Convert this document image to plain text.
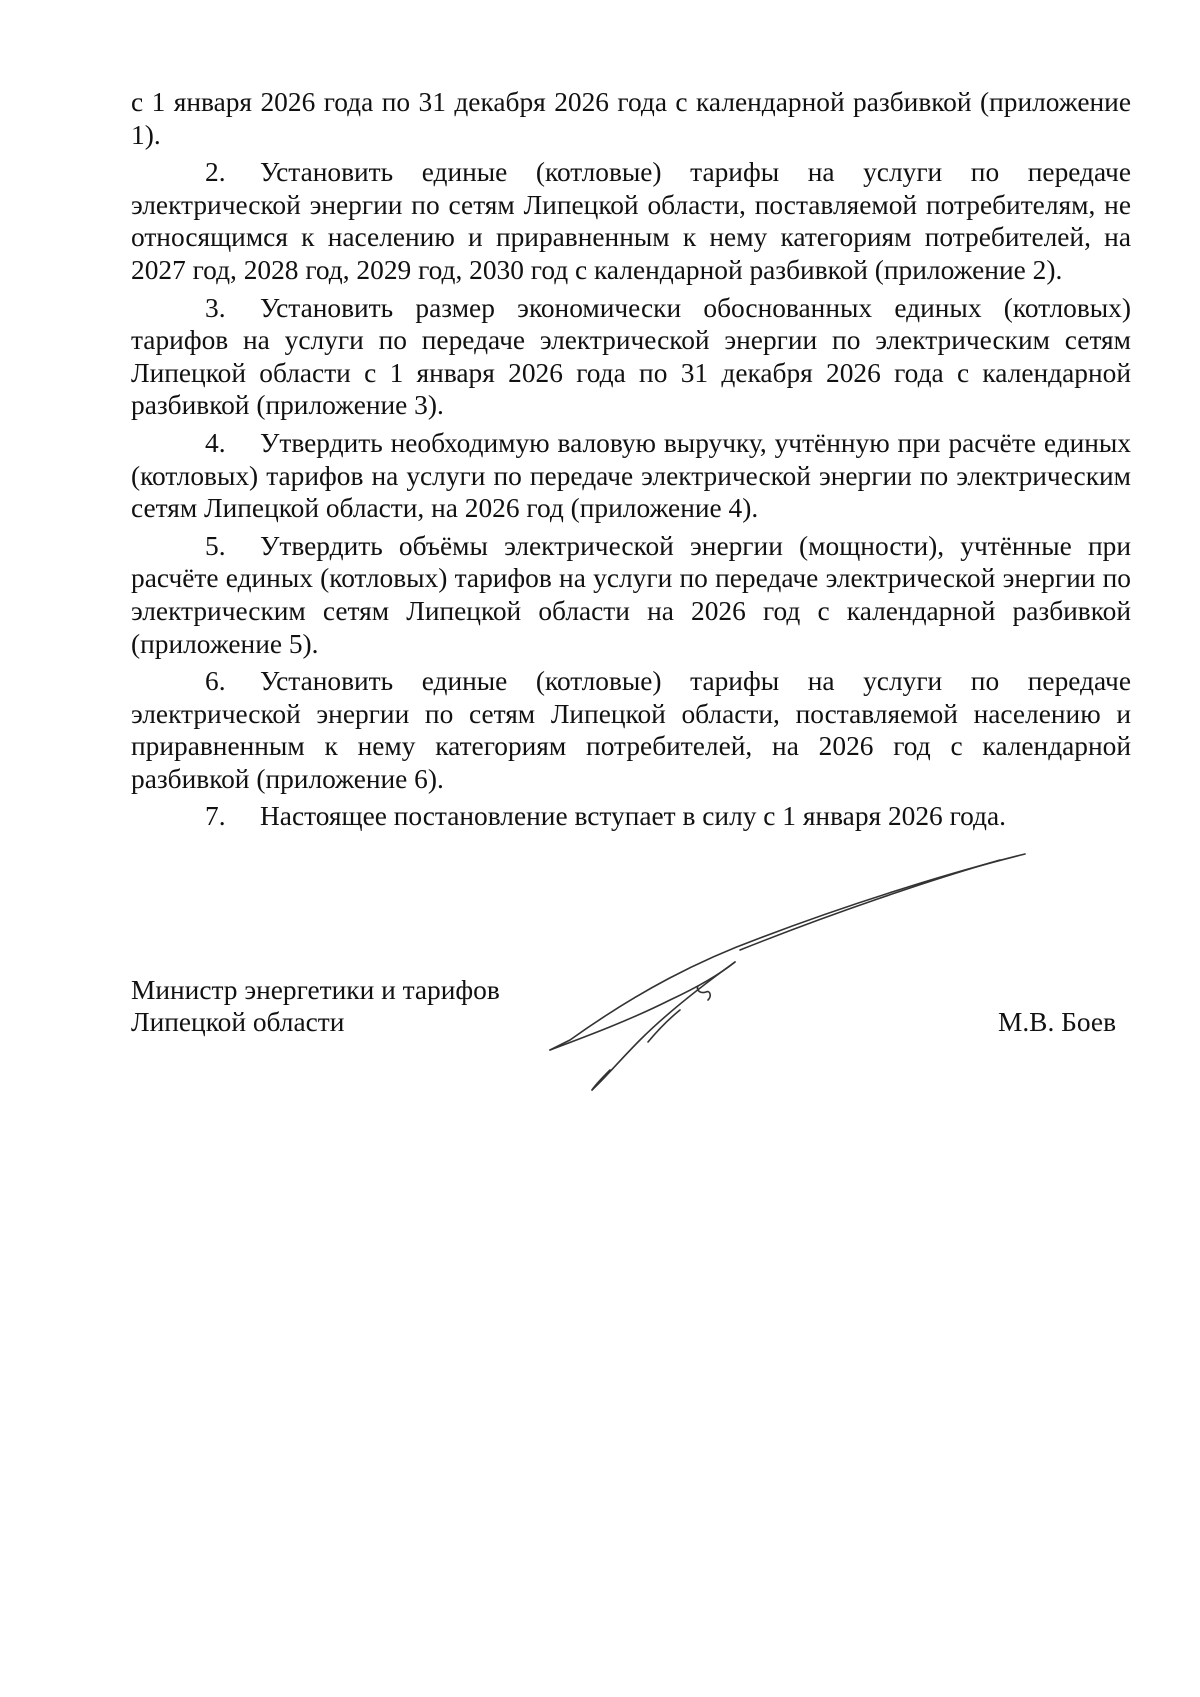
с 1 января 2026 года по 31 декабря 2026 года с календарной разбивкой (приложение 1).

2. Установить единые (котловые) тарифы на услуги по передаче электрической энергии по сетям Липецкой области, поставляемой потребителям, не относящимся к населению и приравненным к нему категориям потребителей, на 2027 год, 2028 год, 2029 год, 2030 год с календарной разбивкой (приложение 2).

3. Установить размер экономически обоснованных единых (котловых) тарифов на услуги по передаче электрической энергии по электрическим сетям Липецкой области с 1 января 2026 года по 31 декабря 2026 года с календарной разбивкой (приложение 3).

4. Утвердить необходимую валовую выручку, учтённую при расчёте единых (котловых) тарифов на услуги по передаче электрической энергии по электрическим сетям Липецкой области, на 2026 год (приложение 4).

5. Утвердить объёмы электрической энергии (мощности), учтённые при расчёте единых (котловых) тарифов на услуги по передаче электрической энергии по электрическим сетям Липецкой области на 2026 год с календарной разбивкой (приложение 5).

6. Установить единые (котловые) тарифы на услуги по передаче электрической энергии по сетям Липецкой области, поставляемой населению и приравненным к нему категориям потребителей, на 2026 год с календарной разбивкой (приложение 6).

7. Настоящее постановление вступает в силу с 1 января 2026 года.

Министр энергетики и тарифов
Липецкой области	М.В. Боев
